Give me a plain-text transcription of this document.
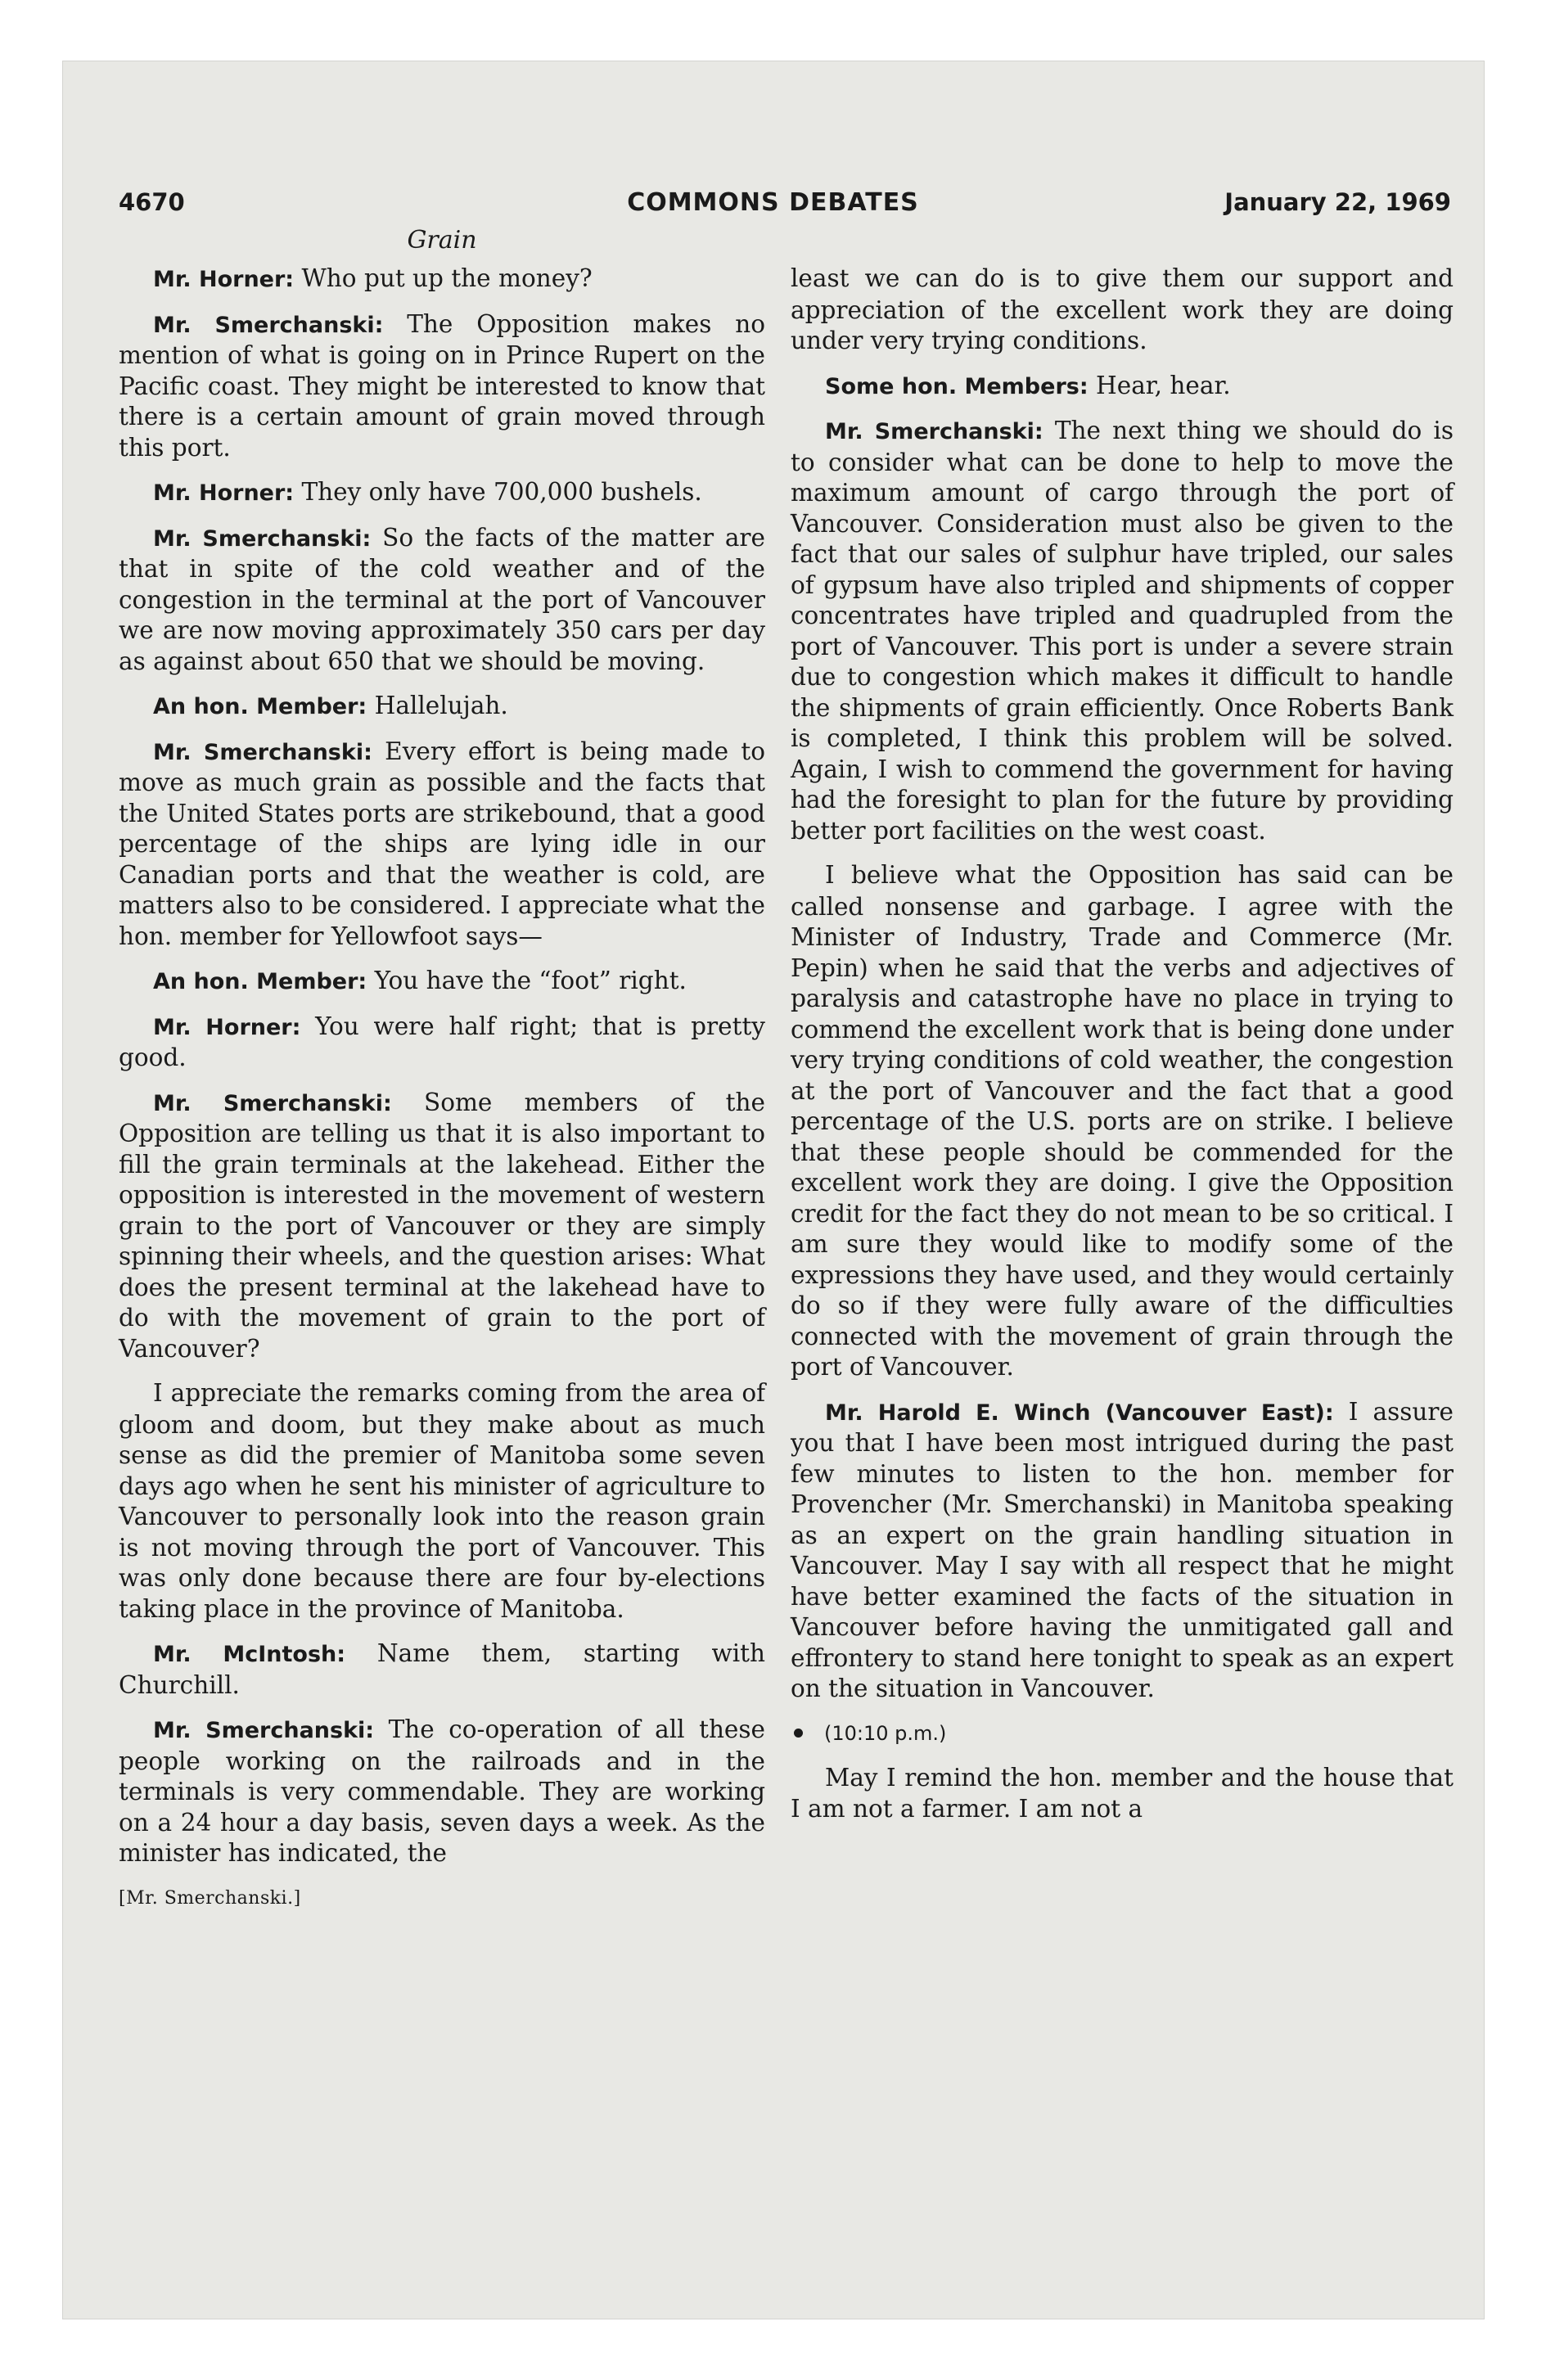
4670	COMMONS DEBATES	January 22, 1969
Grain

Mr. Horner: Who put up the money?

Mr. Smerchanski: The Opposition makes no mention of what is going on in Prince Rupert on the Pacific coast. They might be interested to know that there is a certain amount of grain moved through this port.

Mr. Horner: They only have 700,000 bushels.

Mr. Smerchanski: So the facts of the matter are that in spite of the cold weather and of the congestion in the terminal at the port of Vancouver we are now moving approximately 350 cars per day as against about 650 that we should be moving.

An hon. Member: Hallelujah.

Mr. Smerchanski: Every effort is being made to move as much grain as possible and the facts that the United States ports are strikebound, that a good percentage of the ships are lying idle in our Canadian ports and that the weather is cold, are matters also to be considered. I appreciate what the hon. member for Yellowfoot says—

An hon. Member: You have the “foot” right.

Mr. Horner: You were half right; that is pretty good.

Mr. Smerchanski: Some members of the Opposition are telling us that it is also important to fill the grain terminals at the lakehead. Either the opposition is interested in the movement of western grain to the port of Vancouver or they are simply spinning their wheels, and the question arises: What does the present terminal at the lakehead have to do with the movement of grain to the port of Vancouver?

I appreciate the remarks coming from the area of gloom and doom, but they make about as much sense as did the premier of Manitoba some seven days ago when he sent his minister of agriculture to Vancouver to personally look into the reason grain is not moving through the port of Vancouver. This was only done because there are four by-elections taking place in the province of Manitoba.

Mr. McIntosh: Name them, starting with Churchill.

Mr. Smerchanski: The co-operation of all these people working on the railroads and in the terminals is very commendable. They are working on a 24 hour a day basis, seven days a week. As the minister has indicated, the

[Mr. Smerchanski.]

least we can do is to give them our support and appreciation of the excellent work they are doing under very trying conditions.

Some hon. Members: Hear, hear.

Mr. Smerchanski: The next thing we should do is to consider what can be done to help to move the maximum amount of cargo through the port of Vancouver. Consideration must also be given to the fact that our sales of sulphur have tripled, our sales of gypsum have also tripled and shipments of copper concentrates have tripled and quadrupled from the port of Vancouver. This port is under a severe strain due to congestion which makes it difficult to handle the shipments of grain efficiently. Once Roberts Bank is completed, I think this problem will be solved. Again, I wish to commend the government for having had the foresight to plan for the future by providing better port facilities on the west coast.

I believe what the Opposition has said can be called nonsense and garbage. I agree with the Minister of Industry, Trade and Commerce (Mr. Pepin) when he said that the verbs and adjectives of paralysis and catastrophe have no place in trying to commend the excellent work that is being done under very trying conditions of cold weather, the congestion at the port of Vancouver and the fact that a good percentage of the U.S. ports are on strike. I believe that these people should be commended for the excellent work they are doing. I give the Opposition credit for the fact they do not mean to be so critical. I am sure they would like to modify some of the expressions they have used, and they would certainly do so if they were fully aware of the difficulties connected with the movement of grain through the port of Vancouver.

Mr. Harold E. Winch (Vancouver East): I assure you that I have been most intrigued during the past few minutes to listen to the hon. member for Provencher (Mr. Smerchanski) in Manitoba speaking as an expert on the grain handling situation in Vancouver. May I say with all respect that he might have better examined the facts of the situation in Vancouver before having the unmitigated gall and effrontery to stand here tonight to speak as an expert on the situation in Vancouver.

(10:10 p.m.)

May I remind the hon. member and the house that I am not a farmer. I am not a
